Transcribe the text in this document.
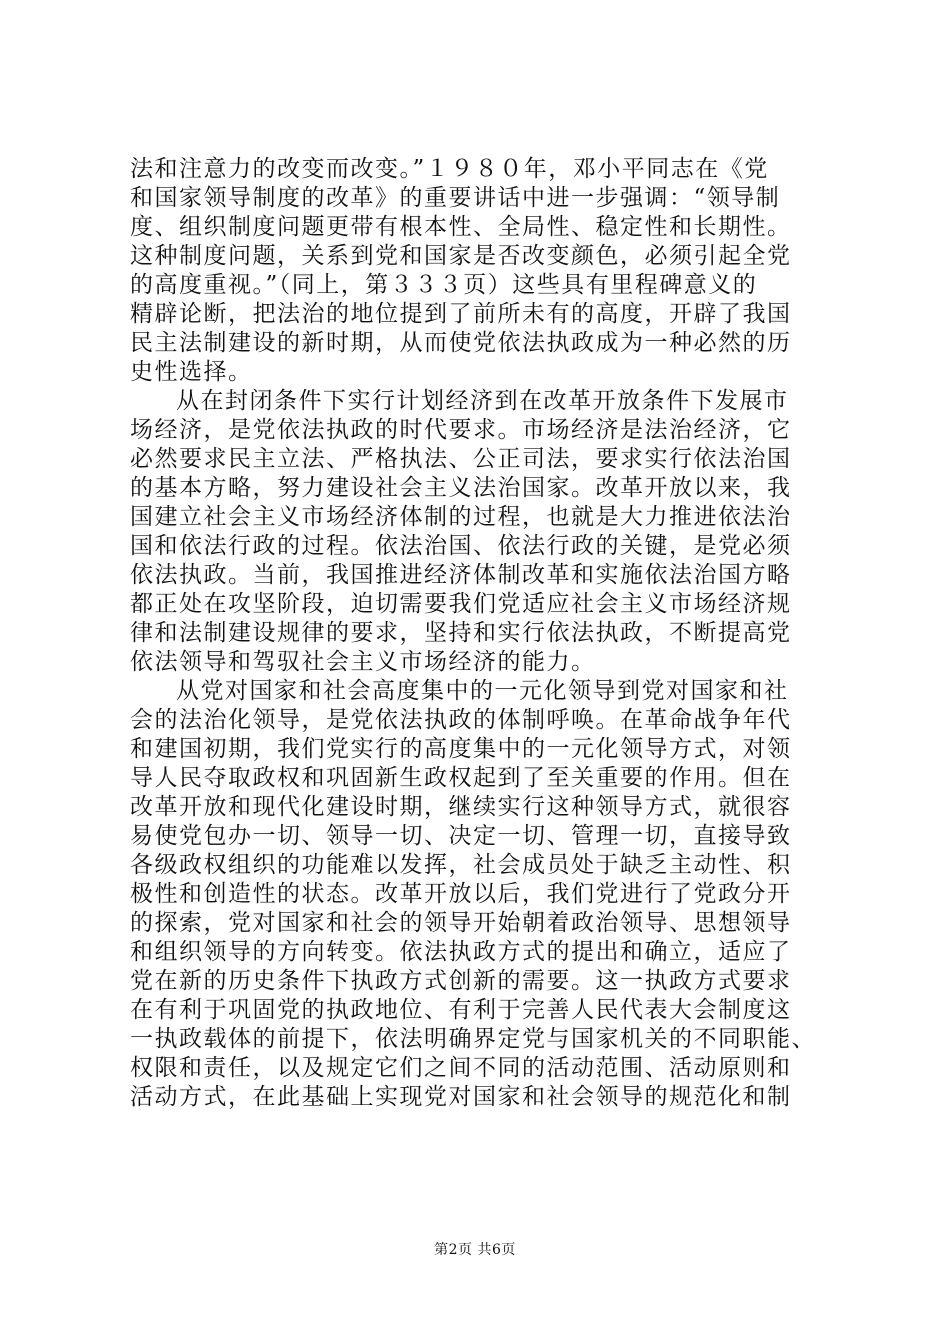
法和注意力的改变而改变。”１９８０年，邓小平同志在《党
和国家领导制度的改革》的重要讲话中进一步强调：“领导制
度、组织制度问题更带有根本性、全局性、稳定性和长期性。
这种制度问题，关系到党和国家是否改变颜色，必须引起全党
的高度重视。”（同上，第３３３页）这些具有里程碑意义的
精辟论断，把法治的地位提到了前所未有的高度，开辟了我国
民主法制建设的新时期，从而使党依法执政成为一种必然的历
史性选择。
从在封闭条件下实行计划经济到在改革开放条件下发展市
场经济，是党依法执政的时代要求。市场经济是法治经济，它
必然要求民主立法、严格执法、公正司法，要求实行依法治国
的基本方略，努力建设社会主义法治国家。改革开放以来，我
国建立社会主义市场经济体制的过程，也就是大力推进依法治
国和依法行政的过程。依法治国、依法行政的关键，是党必须
依法执政。当前，我国推进经济体制改革和实施依法治国方略
都正处在攻坚阶段，迫切需要我们党适应社会主义市场经济规
律和法制建设规律的要求，坚持和实行依法执政，不断提高党
依法领导和驾驭社会主义市场经济的能力。
从党对国家和社会高度集中的一元化领导到党对国家和社
会的法治化领导，是党依法执政的体制呼唤。在革命战争年代
和建国初期，我们党实行的高度集中的一元化领导方式，对领
导人民夺取政权和巩固新生政权起到了至关重要的作用。但在
改革开放和现代化建设时期，继续实行这种领导方式，就很容
易使党包办一切、领导一切、决定一切、管理一切，直接导致
各级政权组织的功能难以发挥，社会成员处于缺乏主动性、积
极性和创造性的状态。改革开放以后，我们党进行了党政分开
的探索，党对国家和社会的领导开始朝着政治领导、思想领导
和组织领导的方向转变。依法执政方式的提出和确立，适应了
党在新的历史条件下执政方式创新的需要。这一执政方式要求
在有利于巩固党的执政地位、有利于完善人民代表大会制度这
一执政载体的前提下，依法明确界定党与国家机关的不同职能、
权限和责任，以及规定它们之间不同的活动范围、活动原则和
活动方式，在此基础上实现党对国家和社会领导的规范化和制
第2页 共6页
